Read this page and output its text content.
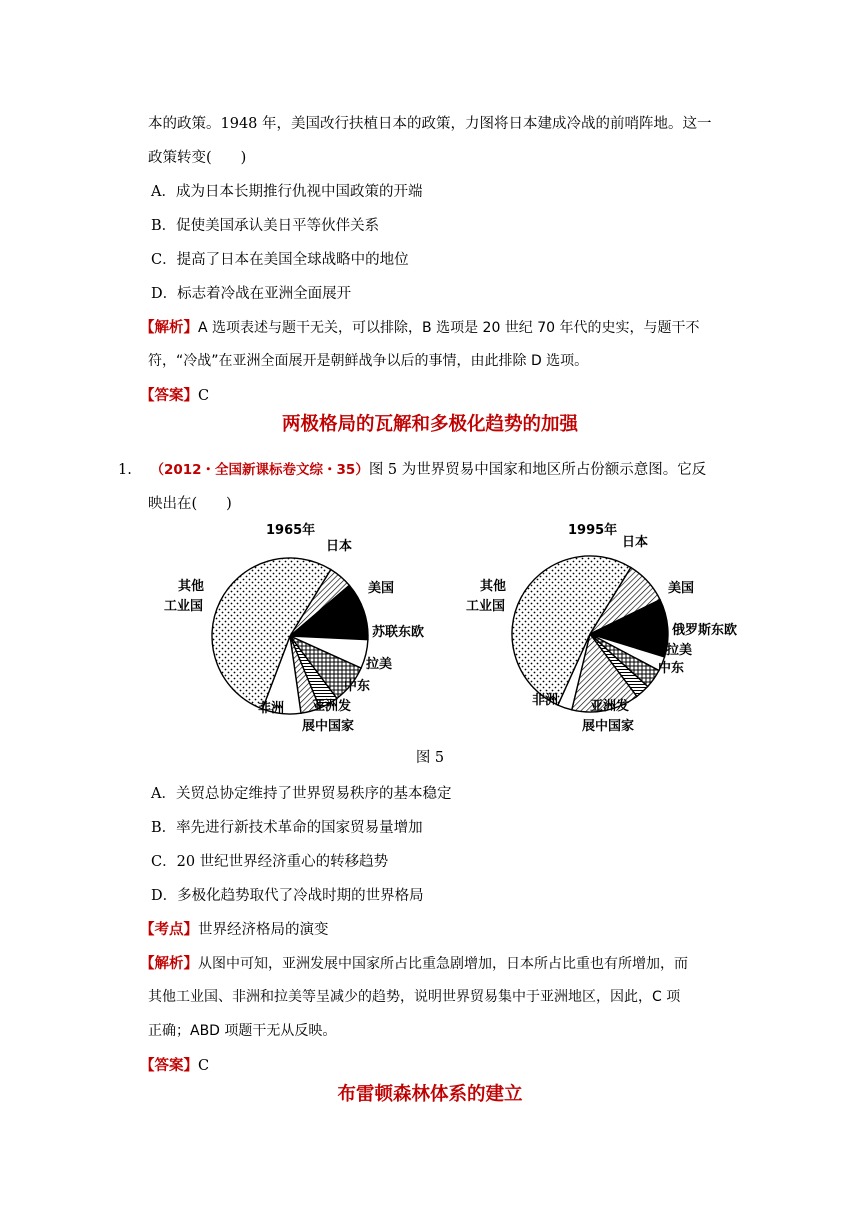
本的政策。1948 年，美国改行扶植日本的政策，力图将日本建成冷战的前哨阵地。这一
政策转变(　　)
A．成为日本长期推行仇视中国政策的开端
B．促使美国承认美日平等伙伴关系
C．提高了日本在美国全球战略中的地位
D．标志着冷战在亚洲全面展开
【解析】A 选项表述与题干无关，可以排除，B 选项是 20 世纪 70 年代的史实，与题干不
符，“冷战”在亚洲全面展开是朝鲜战争以后的事情，由此排除 D 选项。
【答案】C
两极格局的瓦解和多极化趋势的加强
1. （2012・全国新课标卷文综・35）图 5 为世界贸易中国家和地区所占份额示意图。它反
映出在(　　)
1965年
日本
美国
苏联东欧
拉美
中东
亚洲发
展中国家
非洲
其他
工业国
1995年
日本
美国
俄罗斯东欧
拉美
中东
亚洲发
展中国家
非洲
其他
工业国
图 5
A．关贸总协定维持了世界贸易秩序的基本稳定
B．率先进行新技术革命的国家贸易量增加
C．20 世纪世界经济重心的转移趋势
D．多极化趋势取代了冷战时期的世界格局
【考点】世界经济格局的演变
【解析】从图中可知，亚洲发展中国家所占比重急剧增加，日本所占比重也有所增加，而
其他工业国、非洲和拉美等呈减少的趋势，说明世界贸易集中于亚洲地区，因此，C 项
正确；ABD 项题干无从反映。
【答案】C
布雷顿森林体系的建立
